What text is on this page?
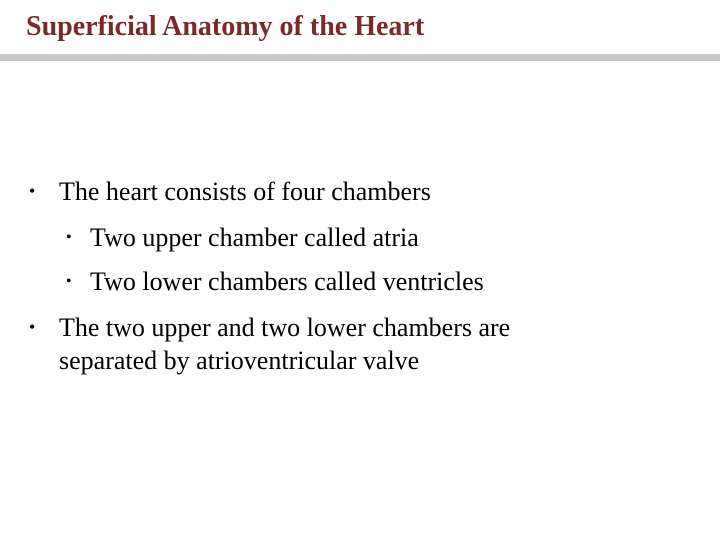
Superficial Anatomy of the Heart
• The heart consists of four chambers
• Two upper chamber called atria
• Two lower chambers called ventricles
• The two upper and two lower chambers are
separated by atrioventricular valve
